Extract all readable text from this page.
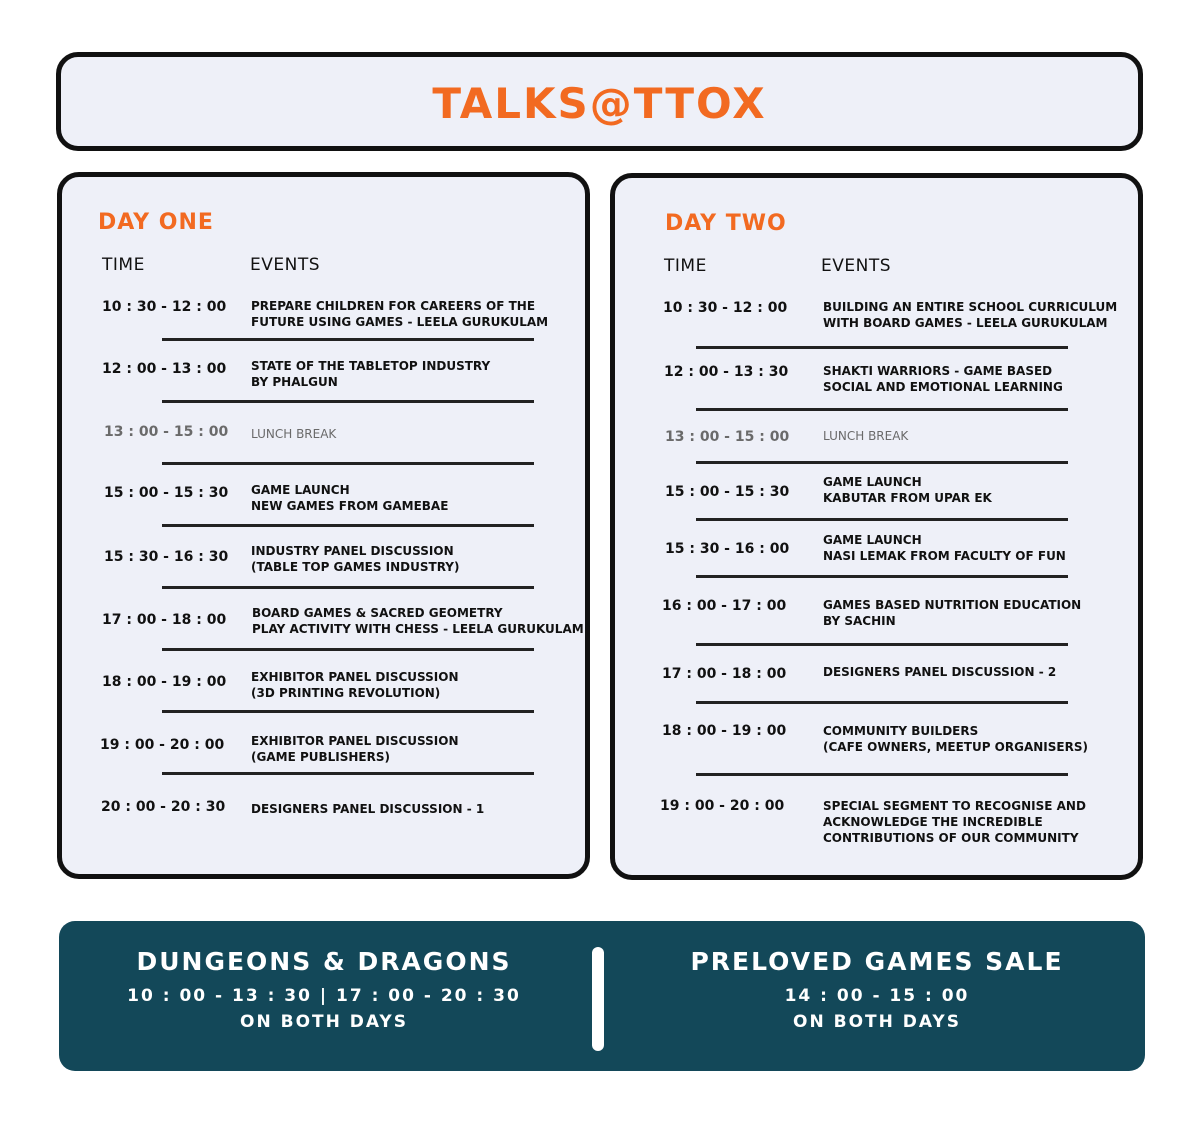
TALKS@TTOX
DAY ONE
TIME	EVENTS
10 : 30 - 12 : 00 PREPARE CHILDREN FOR CAREERS OF THE
FUTURE USING GAMES - LEELA GURUKULAM
12 : 00 - 13 : 00 STATE OF THE TABLETOP INDUSTRY
BY PHALGUN
13 : 00 - 15 : 00 LUNCH BREAK
15 : 00 - 15 : 30 GAME LAUNCH
NEW GAMES FROM GAMEBAE
15 : 30 - 16 : 30 INDUSTRY PANEL DISCUSSION
(TABLE TOP GAMES INDUSTRY)
17 : 00 - 18 : 00 BOARD GAMES & SACRED GEOMETRY
PLAY ACTIVITY WITH CHESS - LEELA GURUKULAM
18 : 00 - 19 : 00 EXHIBITOR PANEL DISCUSSION
(3D PRINTING REVOLUTION)
19 : 00 - 20 : 00 EXHIBITOR PANEL DISCUSSION
(GAME PUBLISHERS)
20 : 00 - 20 : 30 DESIGNERS PANEL DISCUSSION - 1
DAY TWO
TIME	EVENTS
10 : 30 - 12 : 00	BUILDING AN ENTIRE SCHOOL CURRICULUM
WITH BOARD GAMES - LEELA GURUKULAM
12 : 00 - 13 : 30	SHAKTI WARRIORS - GAME BASED
SOCIAL AND EMOTIONAL LEARNING
13 : 00 - 15 : 00	LUNCH BREAK
15 : 00 - 15 : 30
GAME LAUNCH
KABUTAR FROM UPAR EK
15 : 30 - 16 : 00
GAME LAUNCH
NASI LEMAK FROM FACULTY OF FUN
16 : 00 - 17 : 00	GAMES BASED NUTRITION EDUCATION
BY SACHIN
17 : 00 - 18 : 00	DESIGNERS PANEL DISCUSSION - 2
18 : 00 - 19 : 00	COMMUNITY BUILDERS
(CAFE OWNERS, MEETUP ORGANISERS)
19 : 00 - 20 : 00	SPECIAL SEGMENT TO RECOGNISE AND
ACKNOWLEDGE THE INCREDIBLE
CONTRIBUTIONS OF OUR COMMUNITY
DUNGEONS & DRAGONS
10 : 00 - 13 : 30 | 17 : 00 - 20 : 30
ON BOTH DAYS
PRELOVED GAMES SALE
14 : 00 - 15 : 00
ON BOTH DAYS
